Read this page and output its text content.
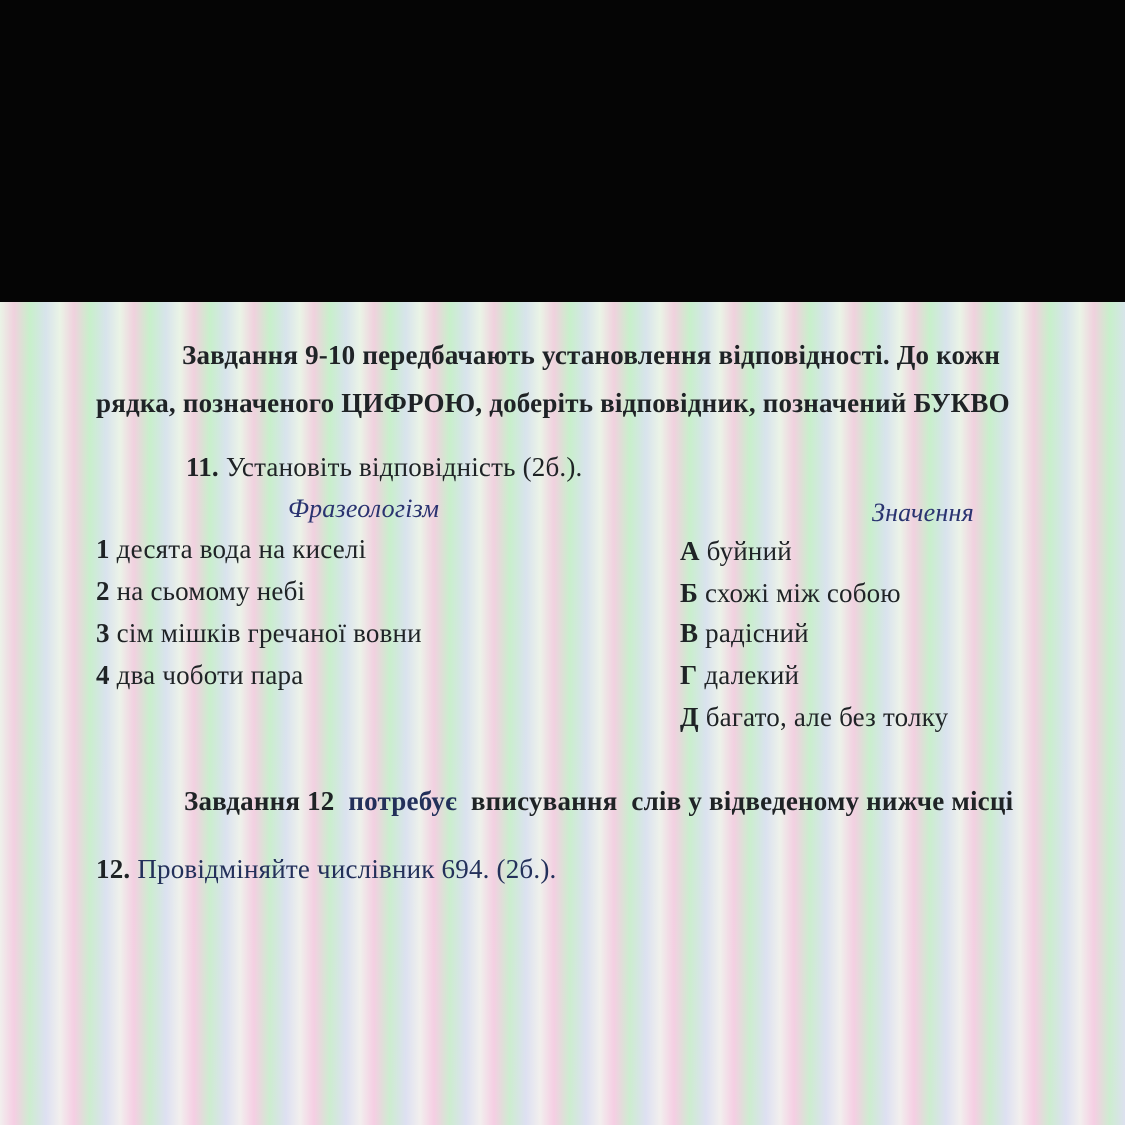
Завдання 9-10 передбачають установлення відповідності. До кожн
рядка, позначеного ЦИФРОЮ, доберіть відповідник, позначений БУКВО
11. Установіть відповідність (2б.).
Фразеологізм	Значення
1 десята вода на киселі
2 на сьомому небі
3 сім мішків гречаної вовни
4 два чоботи пара
А буйний
Б схожі між собою
В радісний
Г далекий
Д багато, але без толку
Завдання 12 потребує вписування слів у відведеному нижче місці
12. Провідміняйте числівник 694. (2б.).
